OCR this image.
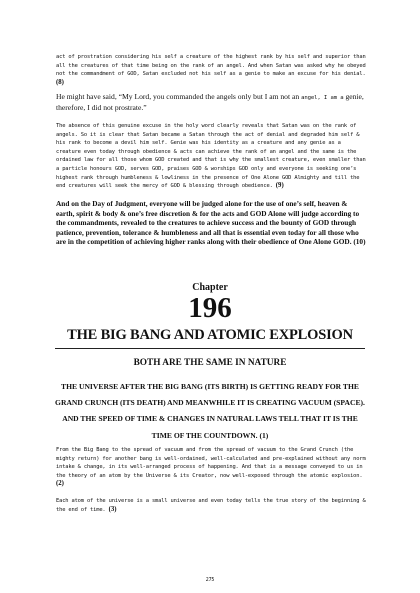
act of prostration considering his self a creature of the highest rank by his self and superior than all the creatures of that time being on the rank of an angel. And when Satan was asked why he obeyed not the commandment of GOD, Satan excluded not his self as a genie to make an excuse for his denial. (8)

He might have said, “My Lord, you commanded the angels only but I am not an angel, I am a genie, therefore, I did not prostrate.”

The absence of this genuine excuse in the holy word clearly reveals that Satan was on the rank of angels. So it is clear that Satan became a Satan through the act of denial and degraded him self & his rank to become a devil him self. Genie was his identity as a creature and any genie as a creature even today through obedience & acts can achieve the rank of an angel and the same is the ordained law for all those whom GOD created and that is why the smallest creature, even smaller than a particle honours GOD, serves GOD, praises GOD & worships GOD only and everyone is seeking one’s highest rank through humbleness & lowliness in the presence of One Alone GOD Almighty and till the end creatures will seek the mercy of GOD & blessing through obedience. (9)

And on the Day of Judgment, everyone will be judged alone for the use of one’s self, heaven & earth, spirit & body & one’s free discretion & for the acts and GOD Alone will judge according to the commandments, revealed to the creatures to achieve success and the bounty of GOD through patience, prevention, tolerance & humbleness and all that is essential even today for all those who are in the competition of achieving higher ranks along with their obedience of One Alone GOD. (10)

Chapter
196
THE BIG BANG AND ATOMIC EXPLOSION
BOTH ARE THE SAME IN NATURE
THE UNIVERSE AFTER THE BIG BANG (ITS BIRTH) IS GETTING READY FOR THE GRAND CRUNCH (ITS DEATH) AND MEANWHILE IT IS CREATING VACUUM (SPACE). AND THE SPEED OF TIME & CHANGES IN NATURAL LAWS TELL THAT IT IS THE TIME OF THE COUNTDOWN. (1)

From the Big Bang to the spread of vacuum and from the spread of vacuum to the Grand Crunch (the mighty return) for another bang is well-ordained, well-calculated and pre-explained without any norm intake & change, in its well-arranged process of happening. And that is a message conveyed to us in the theory of an atom by the Universe & its Creator, now well-exposed through the atomic explosion. (2)

Each atom of the universe is a small universe and even today tells the true story of the beginning & the end of time. (3)

275
